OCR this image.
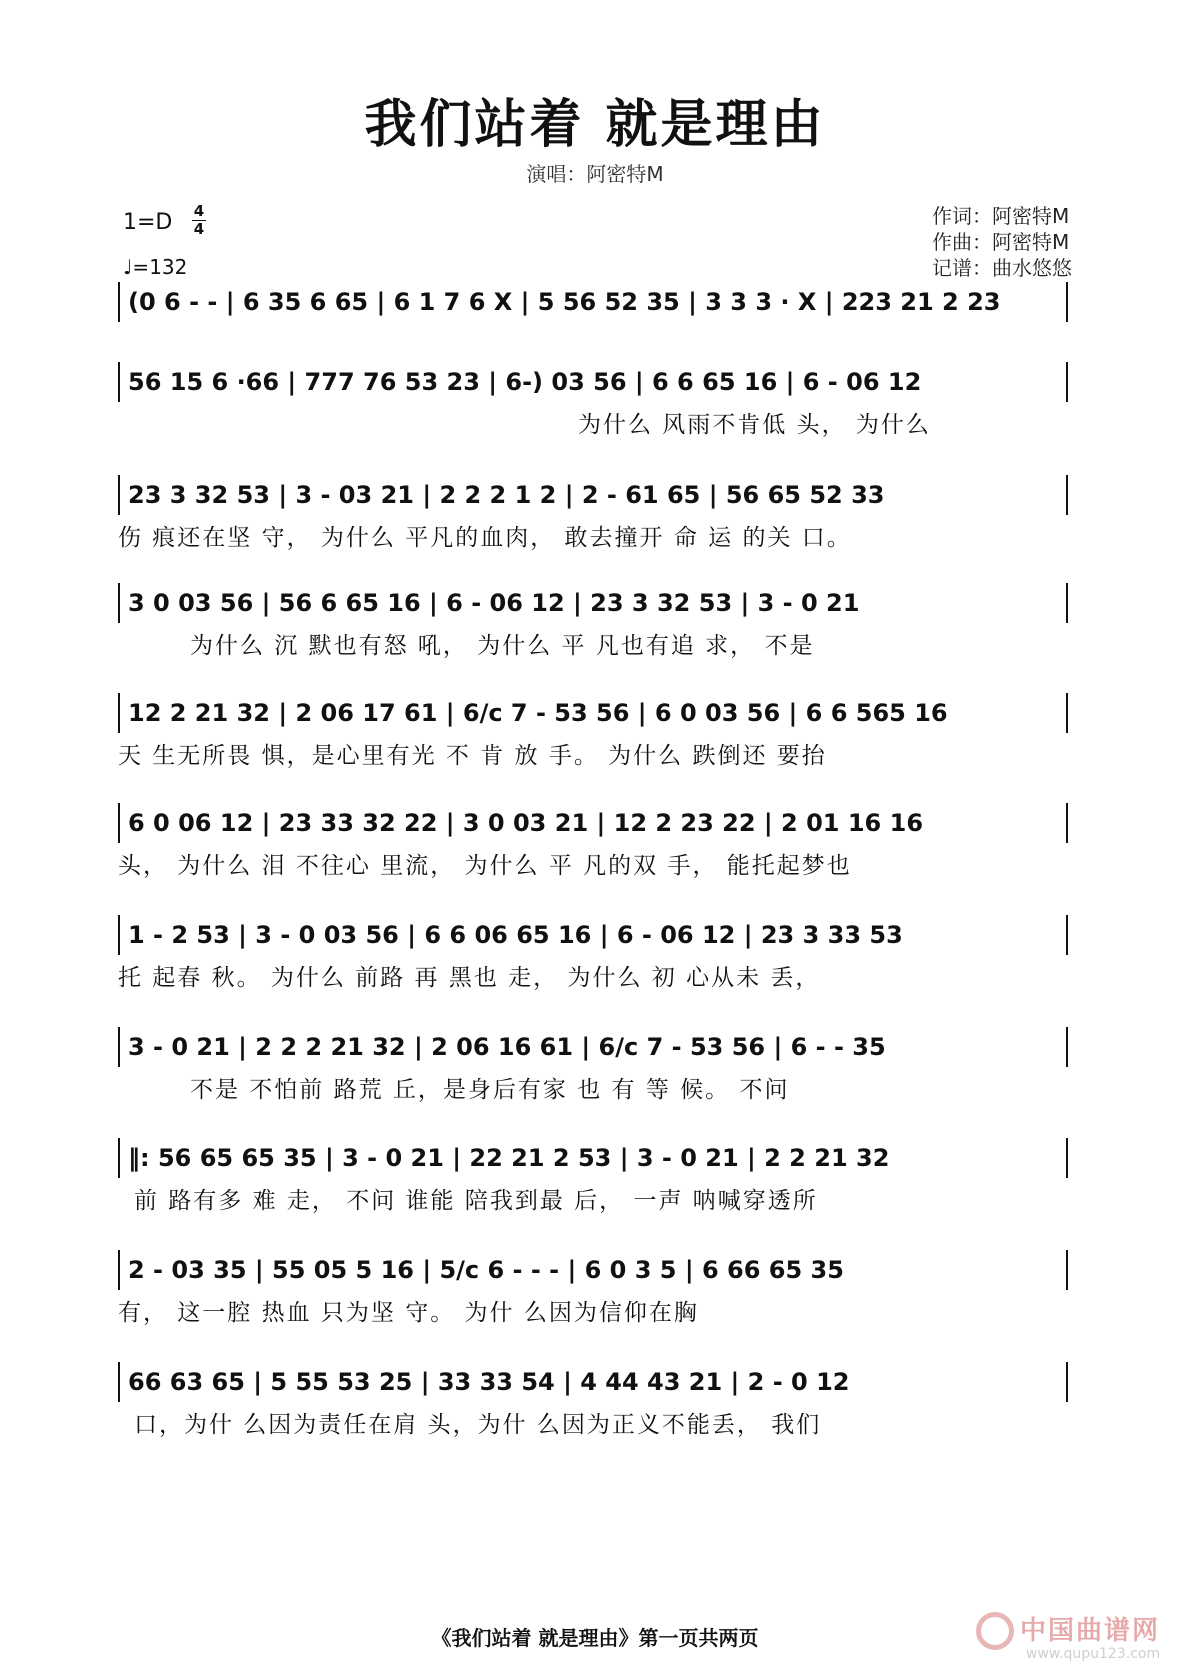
我们站着 就是理由
演唱：阿密特M
1=D 4
4
♩=132
作词：阿密特M
作曲：阿密特M
记谱：曲水悠悠
(0 6 - - | 6 35 6 65 | 6 1 7 6 X | 5 56 52 35 | 3 3 3 · X | 223 21 2 23
56 15 6 ·66 | 777 76 53 23 | 6-) 03 56 | 6 6 65 16 | 6 - 06 12
为什么 风雨不肯低 头， 为什么
23 3 32 53 | 3 - 03 21 | 2 2 2 1 2 | 2 - 61 65 | 56 65 52 33
伤 痕还在坚 守， 为什么 平凡的血肉， 敢去撞开 命 运 的关 口。
3 0 03 56 | 56 6 65 16 | 6 - 06 12 | 23 3 32 53 | 3 - 0 21
为什么 沉 默也有怒 吼， 为什么 平 凡也有追 求， 不是
12 2 21 32 | 2 06 17 61 | 6/c 7 - 53 56 | 6 0 03 56 | 6 6 565 16
天 生无所畏 惧，是心里有光 不 肯 放 手。 为什么 跌倒还 要抬
6 0 06 12 | 23 33 32 22 | 3 0 03 21 | 12 2 23 22 | 2 01 16 16
头， 为什么 泪 不往心 里流， 为什么 平 凡的双 手， 能托起梦也
1 - 2 53 | 3 - 0 03 56 | 6 6 06 65 16 | 6 - 06 12 | 23 3 33 53
托 起春 秋。 为什么 前路 再 黑也 走， 为什么 初 心从未 丢，
3 - 0 21 | 2 2 2 21 32 | 2 06 16 61 | 6/c 7 - 53 56 | 6 - - 35
不是 不怕前 路荒 丘，是身后有家 也 有 等 候。 不问
‖: 56 65 65 35 | 3 - 0 21 | 22 21 2 53 | 3 - 0 21 | 2 2 21 32
前 路有多 难 走， 不问 谁能 陪我到最 后， 一声 呐喊穿透所
2 - 03 35 | 55 05 5 16 | 5/c 6 - - - | 6 0 3 5 | 6 66 65 35
有， 这一腔 热血 只为坚 守。 为什 么因为信仰在胸
66 63 65 | 5 55 53 25 | 33 33 54 | 4 44 43 21 | 2 - 0 12
口，为什 么因为责任在肩 头，为什 么因为正义不能丢， 我们
《我们站着 就是理由》第一页共两页	中国曲谱网
www.qupu123.com
